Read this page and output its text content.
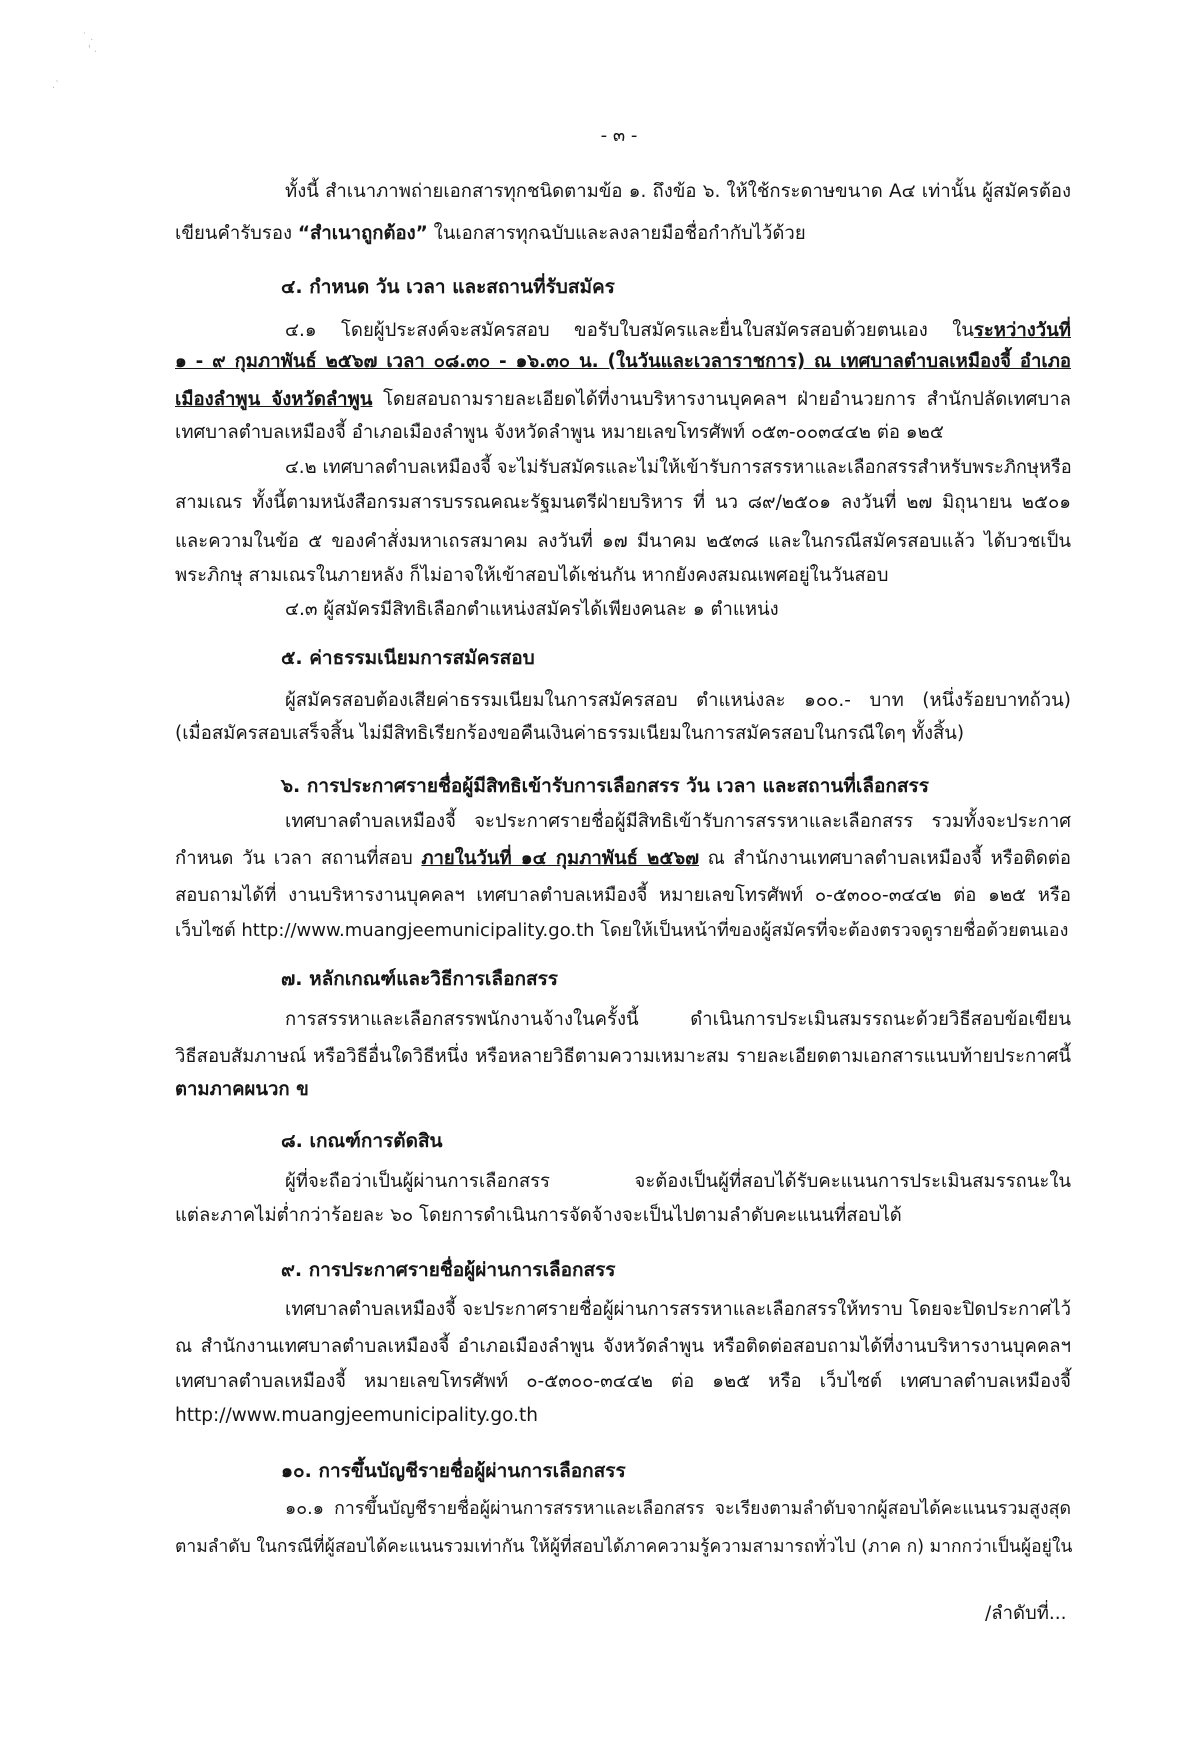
˙ .
' .
.`
- ๓ -
ทั้งนี้ สำเนาภาพถ่ายเอกสารทุกชนิดตามข้อ ๑. ถึงข้อ ๖. ให้ใช้กระดาษขนาด A๔ เท่านั้น ผู้สมัครต้อง
เขียนคำรับรอง “สำเนาถูกต้อง” ในเอกสารทุกฉบับและลงลายมือชื่อกำกับไว้ด้วย
๔. กำหนด วัน เวลา และสถานที่รับสมัคร
๔.๑ โดยผู้ประสงค์จะสมัครสอบ ขอรับใบสมัครและยื่นใบสมัครสอบด้วยตนเอง ในระหว่างวันที่
๑ - ๙ กุมภาพันธ์ ๒๕๖๗ เวลา ๐๘.๓๐ - ๑๖.๓๐ น. (ในวันและเวลาราชการ) ณ เทศบาลตำบลเหมืองจี้ อำเภอ
เมืองลำพูน จังหวัดลำพูน โดยสอบถามรายละเอียดได้ที่งานบริหารงานบุคคลฯ ฝ่ายอำนวยการ สำนักปลัดเทศบาล
เทศบาลตำบลเหมืองจี้ อำเภอเมืองลำพูน จังหวัดลำพูน หมายเลขโทรศัพท์ ๐๕๓-๐๐๓๔๔๒ ต่อ ๑๒๕
๔.๒ เทศบาลตำบลเหมืองจี้ จะไม่รับสมัครและไม่ให้เข้ารับการสรรหาและเลือกสรรสำหรับพระภิกษุหรือ
สามเณร ทั้งนี้ตามหนังสือกรมสารบรรณคณะรัฐมนตรีฝ่ายบริหาร ที่ นว ๘๙/๒๕๐๑ ลงวันที่ ๒๗ มิถุนายน ๒๕๐๑
และความในข้อ ๕ ของคำสั่งมหาเถรสมาคม ลงวันที่ ๑๗ มีนาคม ๒๕๓๘ และในกรณีสมัครสอบแล้ว ได้บวชเป็น
พระภิกษุ สามเณรในภายหลัง ก็ไม่อาจให้เข้าสอบได้เช่นกัน หากยังคงสมณเพศอยู่ในวันสอบ
๔.๓ ผู้สมัครมีสิทธิเลือกตำแหน่งสมัครได้เพียงคนละ ๑ ตำแหน่ง
๕. ค่าธรรมเนียมการสมัครสอบ
ผู้สมัครสอบต้องเสียค่าธรรมเนียมในการสมัครสอบ ตำแหน่งละ ๑๐๐.- บาท (หนึ่งร้อยบาทถ้วน)
(เมื่อสมัครสอบเสร็จสิ้น ไม่มีสิทธิเรียกร้องขอคืนเงินค่าธรรมเนียมในการสมัครสอบในกรณีใดๆ ทั้งสิ้น)
๖. การประกาศรายชื่อผู้มีสิทธิเข้ารับการเลือกสรร วัน เวลา และสถานที่เลือกสรร
เทศบาลตำบลเหมืองจี้ จะประกาศรายชื่อผู้มีสิทธิเข้ารับการสรรหาและเลือกสรร รวมทั้งจะประกาศ
กำหนด วัน เวลา สถานที่สอบ ภายในวันที่ ๑๔ กุมภาพันธ์ ๒๕๖๗ ณ สำนักงานเทศบาลตำบลเหมืองจี้ หรือติดต่อ
สอบถามได้ที่ งานบริหารงานบุคคลฯ เทศบาลตำบลเหมืองจี้ หมายเลขโทรศัพท์ ๐-๕๓๐๐-๓๔๔๒ ต่อ ๑๒๕ หรือ
เว็บไซต์ http://www.muangjeemunicipality.go.th โดยให้เป็นหน้าที่ของผู้สมัครที่จะต้องตรวจดูรายชื่อด้วยตนเอง
๗. หลักเกณฑ์และวิธีการเลือกสรร
การสรรหาและเลือกสรรพนักงานจ้างในครั้งนี้ ดำเนินการประเมินสมรรถนะด้วยวิธีสอบข้อเขียน
วิธีสอบสัมภาษณ์ หรือวิธีอื่นใดวิธีหนึ่ง หรือหลายวิธีตามความเหมาะสม รายละเอียดตามเอกสารแนบท้ายประกาศนี้
ตามภาคผนวก ข
๘. เกณฑ์การตัดสิน
ผู้ที่จะถือว่าเป็นผู้ผ่านการเลือกสรร จะต้องเป็นผู้ที่สอบได้รับคะแนนการประเมินสมรรถนะใน
แต่ละภาคไม่ต่ำกว่าร้อยละ ๖๐ โดยการดำเนินการจัดจ้างจะเป็นไปตามลำดับคะแนนที่สอบได้
๙. การประกาศรายชื่อผู้ผ่านการเลือกสรร
เทศบาลตำบลเหมืองจี้ จะประกาศรายชื่อผู้ผ่านการสรรหาและเลือกสรรให้ทราบ โดยจะปิดประกาศไว้
ณ สำนักงานเทศบาลตำบลเหมืองจี้ อำเภอเมืองลำพูน จังหวัดลำพูน หรือติดต่อสอบถามได้ที่งานบริหารงานบุคคลฯ
เทศบาลตำบลเหมืองจี้ หมายเลขโทรศัพท์ ๐-๕๓๐๐-๓๔๔๒ ต่อ ๑๒๕ หรือ เว็บไซต์ เทศบาลตำบลเหมืองจี้
http://www.muangjeemunicipality.go.th
๑๐. การขึ้นบัญชีรายชื่อผู้ผ่านการเลือกสรร
๑๐.๑ การขึ้นบัญชีรายชื่อผู้ผ่านการสรรหาและเลือกสรร จะเรียงตามลำดับจากผู้สอบได้คะแนนรวมสูงสุด
ตามลำดับ ในกรณีที่ผู้สอบได้คะแนนรวมเท่ากัน ให้ผู้ที่สอบได้ภาคความรู้ความสามารถทั่วไป (ภาค ก) มากกว่าเป็นผู้อยู่ใน
/ลำดับที่...
